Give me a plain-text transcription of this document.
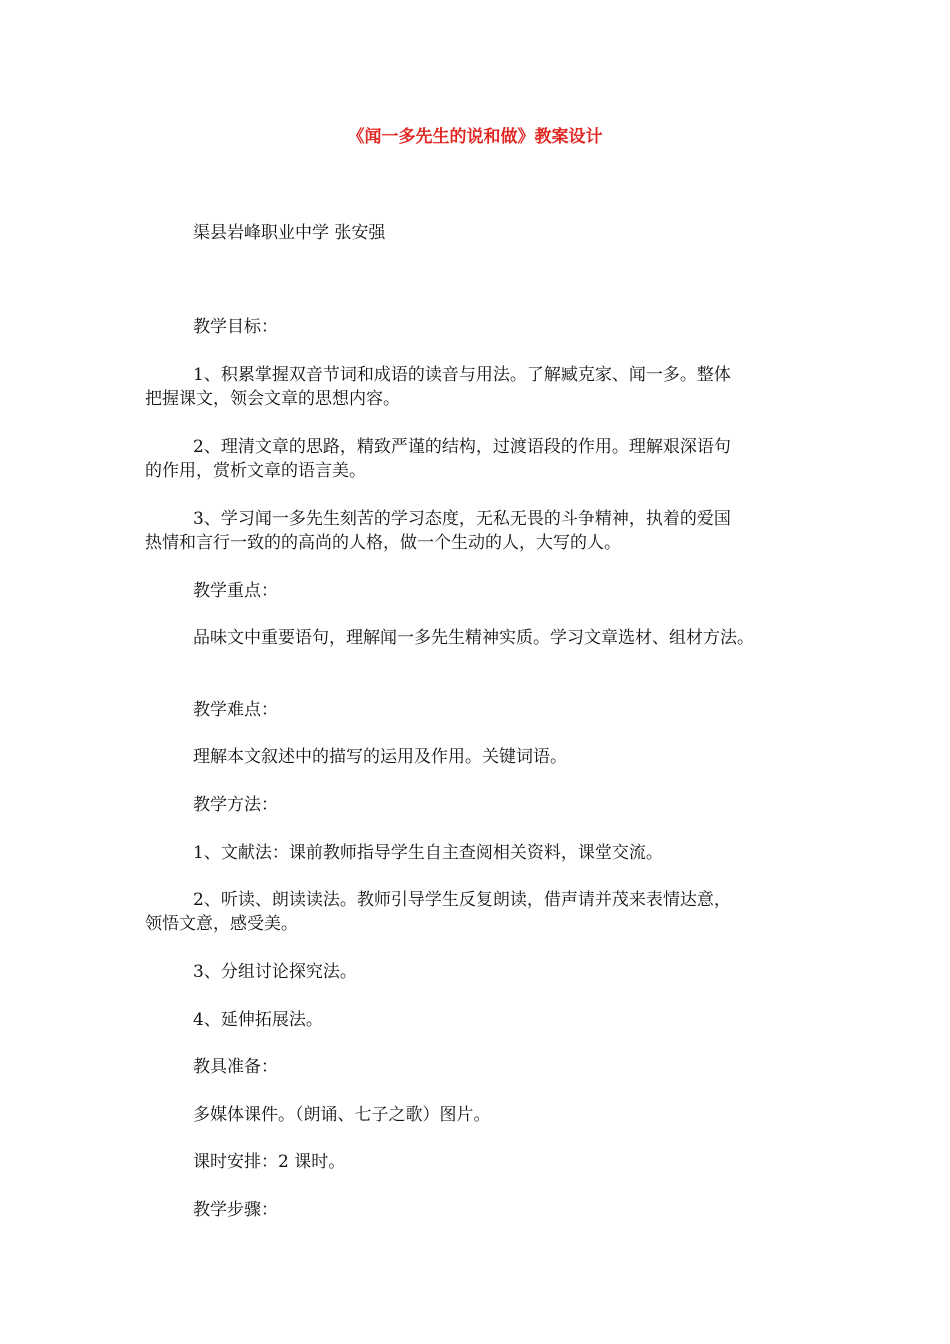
《闻一多先生的说和做》教案设计
渠县岩峰职业中学 张安强
教学目标：
1、积累掌握双音节词和成语的读音与用法。了解臧克家、闻一多。整体
把握课文，领会文章的思想内容。
2、理清文章的思路，精致严谨的结构，过渡语段的作用。理解艰深语句
的作用，赏析文章的语言美。
3、学习闻一多先生刻苦的学习态度，无私无畏的斗争精神，执着的爱国
热情和言行一致的的高尚的人格，做一个生动的人，大写的人。
教学重点：
品味文中重要语句，理解闻一多先生精神实质。学习文章选材、组材方法。
教学难点：
理解本文叙述中的描写的运用及作用。关键词语。
教学方法：
1、文献法：课前教师指导学生自主查阅相关资料，课堂交流。
2、听读、朗读读法。教师引导学生反复朗读，借声请并茂来表情达意，
领悟文意，感受美。
3、分组讨论探究法。
4、延伸拓展法。
教具准备：
多媒体课件。（朗诵、七子之歌）图片。
课时安排：2 课时。
教学步骤：
